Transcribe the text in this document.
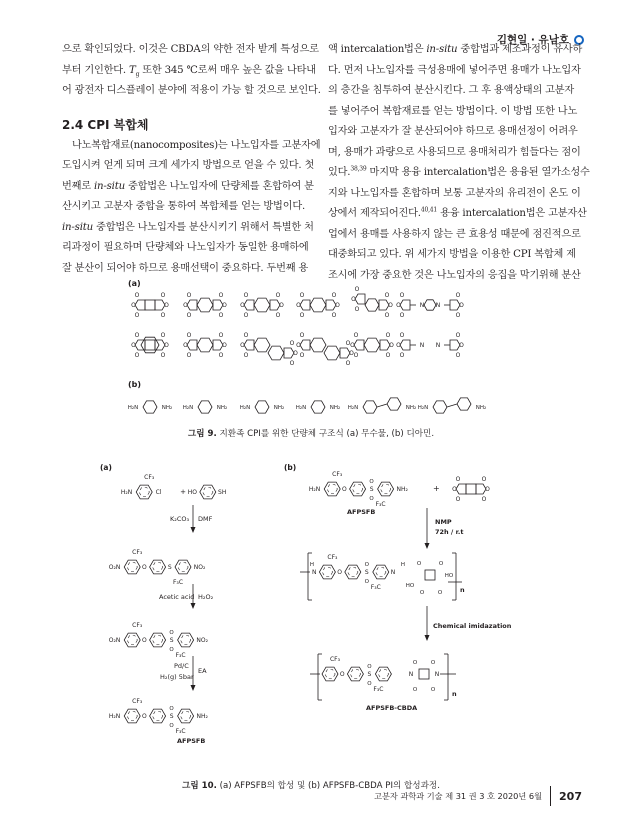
김현일 · 유남호
으로 확인되었다. 이것은 CBDA의 약한 전자 받게 특성으로
부터 기인한다. $T_g$ 또한 345 ℃로써 매우 높은 값을 나타내
어 광전자 디스플레이 분야에 적용이 가능 할 것으로 보인다.
2.4 CPI 복합체
나노복합재료(nanocomposites)는 나노입자를 고분자에
도입시켜 얻게 되며 크게 세가지 방법으로 얻을 수 있다. 첫
번째로 in-situ 중합법은 나노입자에 단량체를 혼합하여 분
산시키고 고분자 중합을 통하여 복합체를 얻는 방법이다.
in-situ 중합법은 나노입자를 분산시키기 위해서 특별한 처
리과정이 필요하며 단량체와 나노입자가 동일한 용매하에
잘 분산이 되어야 하므로 용매선택이 중요하다. 두번째 용
액 intercalation법은 in-situ 중합법과 제조과정이 유사하
다. 먼저 나노입자를 극성용매에 넣어주면 용매가 나노입자
의 층간을 침투하여 분산시킨다. 그 후 용액상태의 고분자
를 넣어주어 복합재료를 얻는 방법이다. 이 방법 또한 나노
입자와 고분자가 잘 분산되어야 하므로 용매선정이 어려우
며, 용매가 과량으로 사용되므로 용매처리가 힘들다는 점이
있다.$^{38,39}$ 마지막 용융 intercalation법은 용융된 열가소성수
지와 나노입자를 혼합하며 보통 고분자의 유리전이 온도 이
상에서 제작되어진다.$^{40,41}$ 용융 intercalation법은 고분자산
업에서 용매를 사용하지 않는 큰 효용성 때문에 점진적으로
대중화되고 있다. 위 세가지 방법을 이용한 CPI 복합체 제
조시에 가장 중요한 것은 나노입자의 응집을 막기위해 분산
(a)
(b)
O
O
O
O
O
O
O
O
O
O
O
O
O
O
O
O
O
O
O
O
O
O
O
O
O
O
O
O
O
O
O
O
O
N N	O
O
O
O
O
O
O
O
O
O
O
O
O
O
O
O
O
O	O
O
O
O
O
O	O
O
O
O
O
O
O
O
O
O
O
O
N N	O
O
O
H₂N	NH₂ H₂N	NH₂ H₂N	NH₂ H₂N	NH₂ H₂N	NH₂ H₂N	NH₂
(a)	(b)
K₂CO₃ DMF
Acetic acid H₂O₂
Pd/C
H₂(g) 5bar
EA
AFPSFB
AFPSFB
NMP
72h / r.t
Chemical imidazation
AFPSFB-CBDA
+
n
n
H₂N
CF₃
Cl	+ HO	SH
O₂N
CF₃
O	S
F₃C
NO₂
O₂N
CF₃
O	S
O
O
F₃C
NO₂
H₂N
CF₃
O	S
O
O
F₃C
NH₂
H₂N
CF₃
O	S
O
O
F₃C
NH₂	O
O
O
O
O
O
N
CF₃
O	S
O
O
F₃C
N
H	H
HO
HO
O	O
O O
CF₃
O	S
O
O
F₃C
N	N
O O
O O
그림 9. 지환족 CPI를 위한 단량체 구조식 (a) 무수물, (b) 디아민.
그림 10. (a) AFPSFB의 합성 및 (b) AFPSFB-CBDA PI의 합성과정.
고분자 과학과 기술 제 31 권 3 호 2020년 6월 207
